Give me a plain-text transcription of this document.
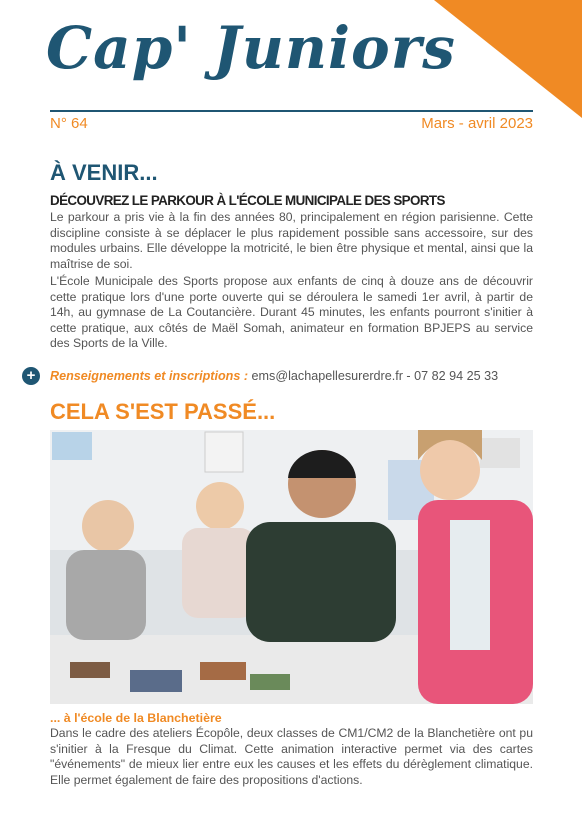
Cap' Juniors
N° 64	Mars - avril 2023
À VENIR...
DÉCOUVREZ LE PARKOUR À L'ÉCOLE MUNICIPALE DES SPORTS
Le parkour a pris vie à la fin des années 80, principalement en région parisienne. Cette discipline consiste à se déplacer le plus rapidement possible sans accessoire, sur des modules urbains. Elle développe la motricité, le bien être physique et mental, ainsi que la maîtrise de soi.
L'École Municipale des Sports propose aux enfants de cinq à douze ans de découvrir cette pratique lors d'une porte ouverte qui se déroulera le samedi 1er avril, à partir de 14h, au gymnase de La Coutancière. Durant 45 minutes, les enfants pourront s'initier à cette pratique, aux côtés de Maël Somah, animateur en formation BPJEPS au service des Sports de la Ville.
+	Renseignements et inscriptions : ems@lachapellesurerdre.fr - 07 82 94 25 33
CELA S'EST PASSÉ...
... à l'école de la Blanchetière
Dans le cadre des ateliers Écopôle, deux classes de CM1/CM2 de la Blanchetière ont pu s'initier à la Fresque du Climat. Cette animation interactive permet via des cartes "événements" de mieux lier entre eux les causes et les effets du dérèglement climatique. Elle permet également de faire des propositions d'actions.
